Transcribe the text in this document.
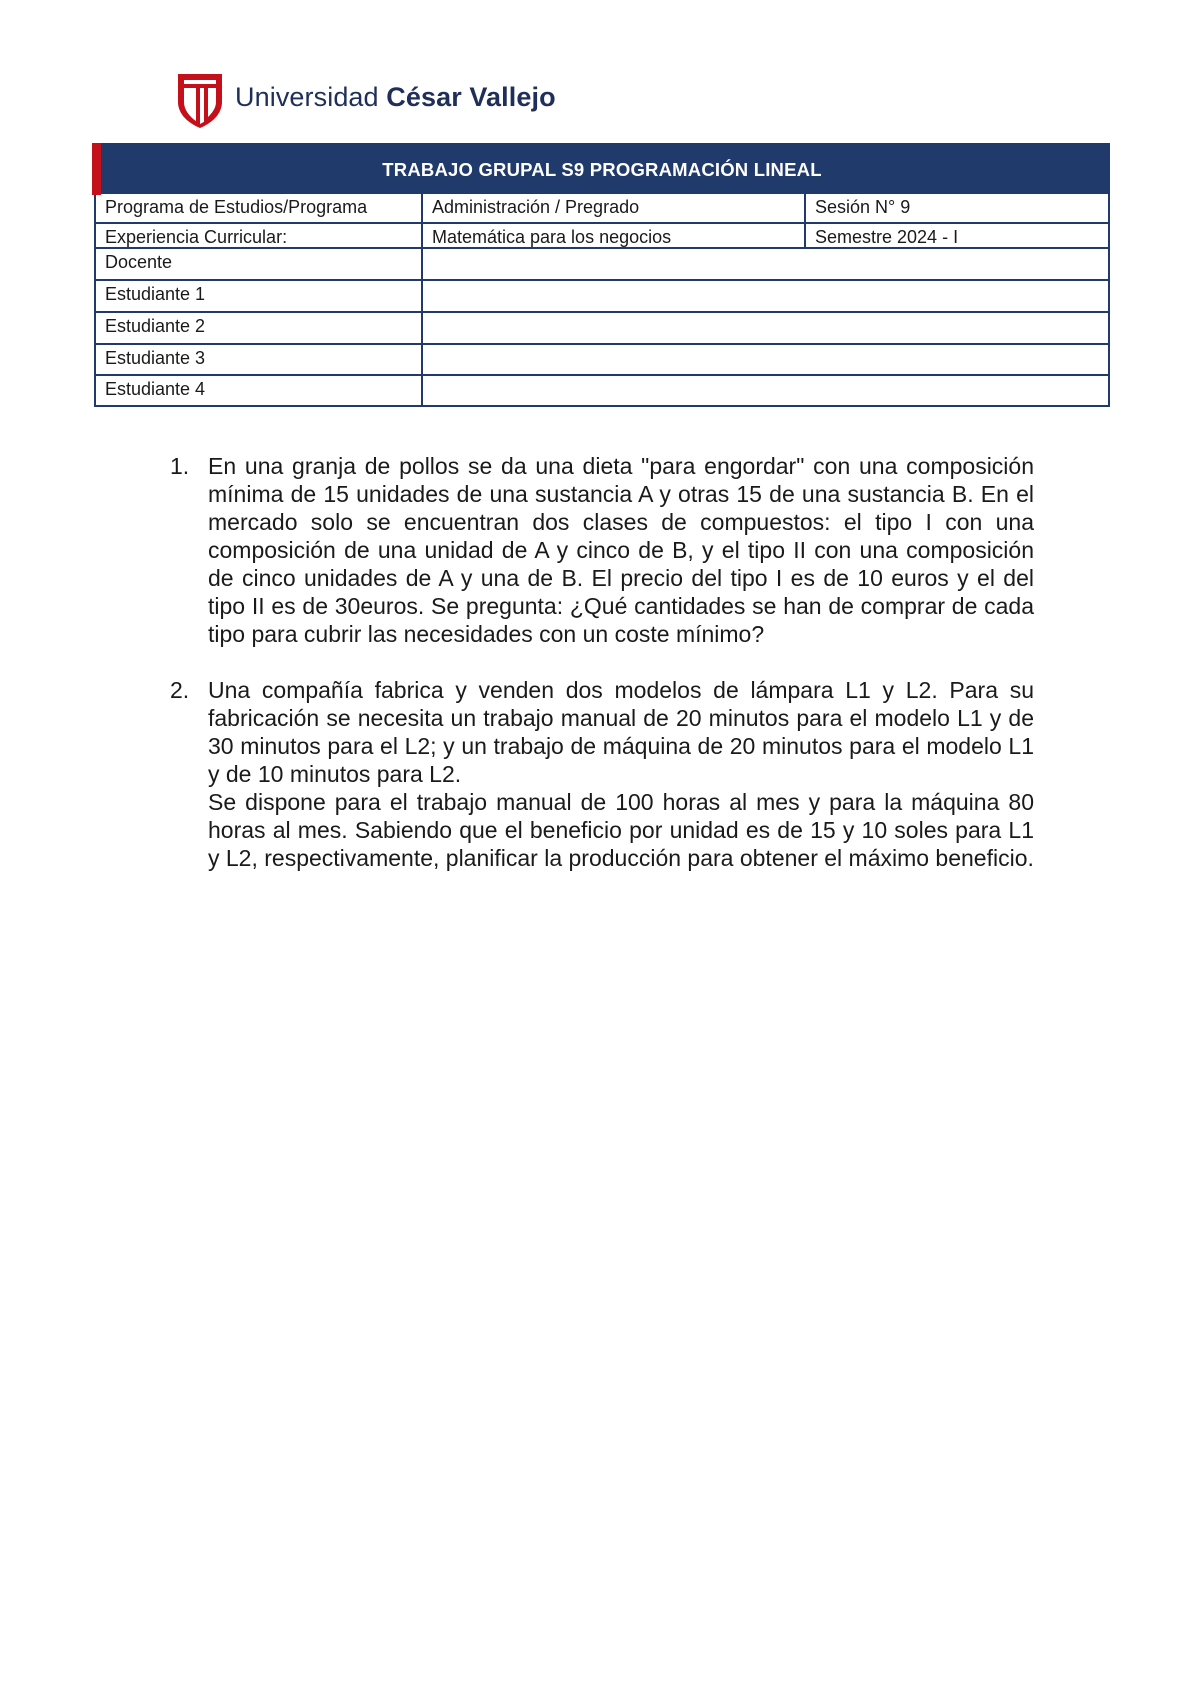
Universidad César Vallejo
TRABAJO GRUPAL S9 PROGRAMACIÓN LINEAL
Programa de Estudios/Programa	Administración / Pregrado	Sesión N° 9
Experiencia Curricular:	Matemática para los negocios	Semestre 2024 - I
Docente
Estudiante 1
Estudiante 2
Estudiante 3
Estudiante 4
1. En una granja de pollos se da una dieta "para engordar" con una composición mínima de 15 unidades de una sustancia A y otras 15 de una sustancia B. En el mercado solo se encuentran dos clases de compuestos: el tipo I con una composición de una unidad de A y cinco de B, y el tipo II con una composición de cinco unidades de A y una de B. El precio del tipo I es de 10 euros y el del tipo II es de 30euros. Se pregunta: ¿Qué cantidades se han de comprar de cada tipo para cubrir las necesidades con un coste mínimo?

2. Una compañía fabrica y venden dos modelos de lámpara L1 y L2. Para su fabricación se necesita un trabajo manual de 20 minutos para el modelo L1 y de 30 minutos para el L2; y un trabajo de máquina de 20 minutos para el modelo L1 y de 10 minutos para L2.

Se dispone para el trabajo manual de 100 horas al mes y para la máquina 80 horas al mes. Sabiendo que el beneficio por unidad es de 15 y 10 soles para L1 y L2, respectivamente, planificar la producción para obtener el máximo beneficio.
